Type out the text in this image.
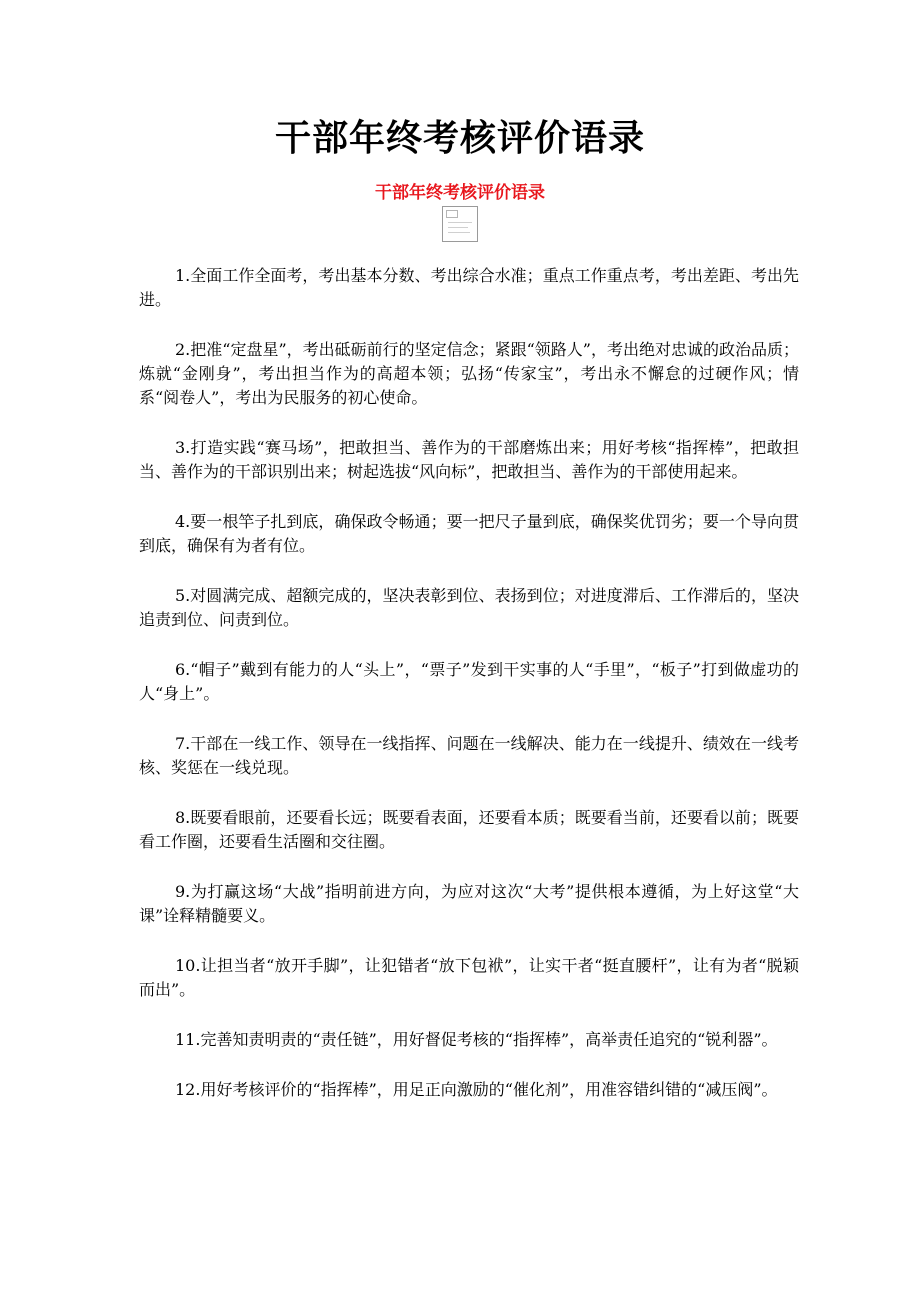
干部年终考核评价语录
干部年终考核评价语录

1.全面工作全面考，考出基本分数、考出综合水准；重点工作重点考，考出差距、考出先进。

2.把准“定盘星”，考出砥砺前行的坚定信念；紧跟“领路人”，考出绝对忠诚的政治品质；炼就“金刚身”，考出担当作为的高超本领；弘扬“传家宝”，考出永不懈怠的过硬作风；情系“阅卷人”，考出为民服务的初心使命。

3.打造实践“赛马场”，把敢担当、善作为的干部磨炼出来；用好考核“指挥棒”，把敢担当、善作为的干部识别出来；树起选拔“风向标”，把敢担当、善作为的干部使用起来。

4.要一根竿子扎到底，确保政令畅通；要一把尺子量到底，确保奖优罚劣；要一个导向贯到底，确保有为者有位。

5.对圆满完成、超额完成的，坚决表彰到位、表扬到位；对进度滞后、工作滞后的，坚决追责到位、问责到位。

6.“帽子”戴到有能力的人“头上”，“票子”发到干实事的人“手里”，“板子”打到做虚功的人“身上”。

7.干部在一线工作、领导在一线指挥、问题在一线解决、能力在一线提升、绩效在一线考核、奖惩在一线兑现。

8.既要看眼前，还要看长远；既要看表面，还要看本质；既要看当前，还要看以前；既要看工作圈，还要看生活圈和交往圈。

9.为打赢这场“大战”指明前进方向，为应对这次“大考”提供根本遵循，为上好这堂“大课”诠释精髓要义。

10.让担当者“放开手脚”，让犯错者“放下包袱”，让实干者“挺直腰杆”，让有为者“脱颖而出”。

11.完善知责明责的“责任链”，用好督促考核的“指挥棒”，高举责任追究的“锐利器”。

12.用好考核评价的“指挥棒”，用足正向激励的“催化剂”，用准容错纠错的“减压阀”。
